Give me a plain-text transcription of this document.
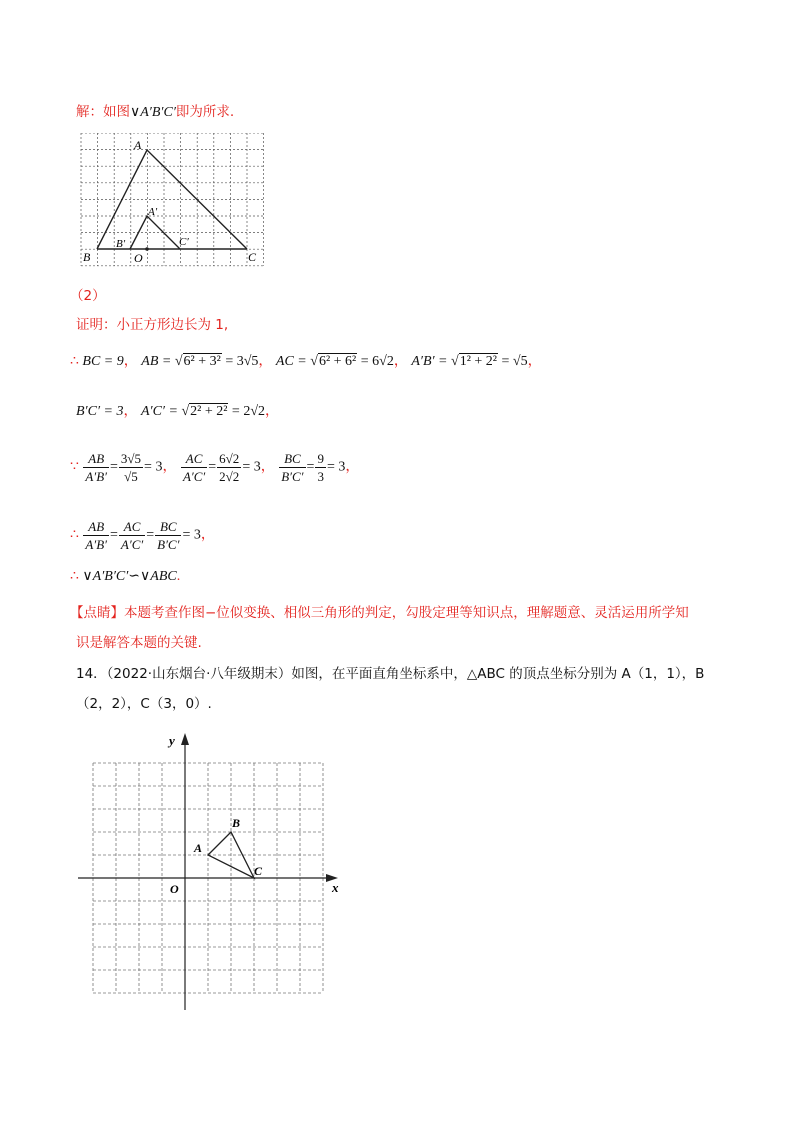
解：如图∨A′B′C′即为所求.
A
B	C
A′
B′	C′
O
（2）
证明：小正方形边长为 1,
∴ BC = 9， AB = √6² + 3² = 3√5， AC = √6² + 6² = 6√2， A′B′ = √1² + 2² = √5，
B′C′ = 3， A′C′ = √2² + 2² = 2√2，
∵ $\frac{AB}{A'B'} = \frac{3√5}{√5} = 3$， $\frac{AC}{A'C'} = \frac{6√2}{2√2} = 3$， $\frac{BC}{B'C'} = \frac{9}{3} = 3$，
∴ $\frac{AB}{A'B'} = \frac{AC}{A'C'} = \frac{BC}{B'C'} = 3$，
∴ ∨A′B′C′∽∨ABC.
【点睛】本题考查作图−位似变换、相似三角形的判定，勾股定理等知识点，理解题意、灵活运用所学知
识是解答本题的关键.
14．（2022·山东烟台·八年级期末）如图，在平面直角坐标系中，△ABC 的顶点坐标分别为 A（1，1），B
（2，2），C（3，0）.
x
y
O
A
B
C
